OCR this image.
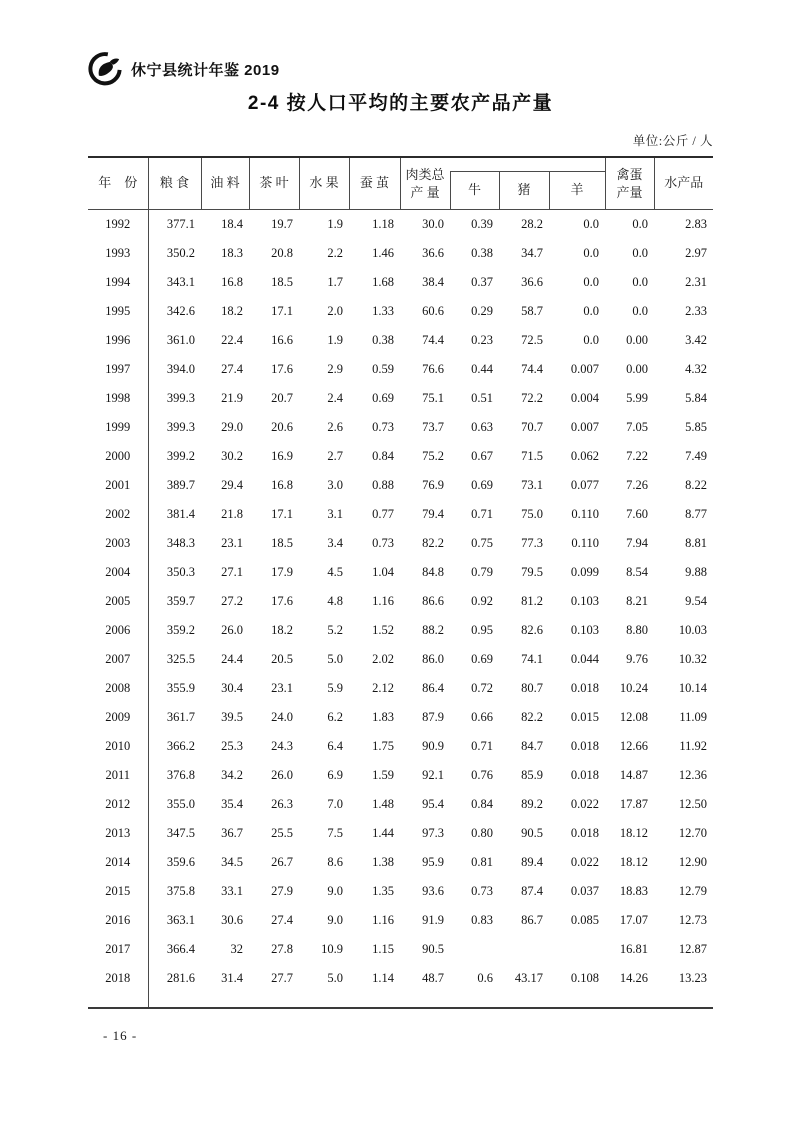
休宁县统计年鉴 2019
2-4 按人口平均的主要农产品产量
单位:公斤 / 人
年　份	粮 食	油 料	茶 叶	水 果	蚕 茧	肉类总
产 量				禽蛋
产量	水产品
							牛	猪	羊		
1992	377.1	18.4	19.7	1.9	1.18	30.0	0.39	28.2	0.0	0.0	2.83
1993	350.2	18.3	20.8	2.2	1.46	36.6	0.38	34.7	0.0	0.0	2.97
1994	343.1	16.8	18.5	1.7	1.68	38.4	0.37	36.6	0.0	0.0	2.31
1995	342.6	18.2	17.1	2.0	1.33	60.6	0.29	58.7	0.0	0.0	2.33
1996	361.0	22.4	16.6	1.9	0.38	74.4	0.23	72.5	0.0	0.00	3.42
1997	394.0	27.4	17.6	2.9	0.59	76.6	0.44	74.4	0.007	0.00	4.32
1998	399.3	21.9	20.7	2.4	0.69	75.1	0.51	72.2	0.004	5.99	5.84
1999	399.3	29.0	20.6	2.6	0.73	73.7	0.63	70.7	0.007	7.05	5.85
2000	399.2	30.2	16.9	2.7	0.84	75.2	0.67	71.5	0.062	7.22	7.49
2001	389.7	29.4	16.8	3.0	0.88	76.9	0.69	73.1	0.077	7.26	8.22
2002	381.4	21.8	17.1	3.1	0.77	79.4	0.71	75.0	0.110	7.60	8.77
2003	348.3	23.1	18.5	3.4	0.73	82.2	0.75	77.3	0.110	7.94	8.81
2004	350.3	27.1	17.9	4.5	1.04	84.8	0.79	79.5	0.099	8.54	9.88
2005	359.7	27.2	17.6	4.8	1.16	86.6	0.92	81.2	0.103	8.21	9.54
2006	359.2	26.0	18.2	5.2	1.52	88.2	0.95	82.6	0.103	8.80	10.03
2007	325.5	24.4	20.5	5.0	2.02	86.0	0.69	74.1	0.044	9.76	10.32
2008	355.9	30.4	23.1	5.9	2.12	86.4	0.72	80.7	0.018	10.24	10.14
2009	361.7	39.5	24.0	6.2	1.83	87.9	0.66	82.2	0.015	12.08	11.09
2010	366.2	25.3	24.3	6.4	1.75	90.9	0.71	84.7	0.018	12.66	11.92
2011	376.8	34.2	26.0	6.9	1.59	92.1	0.76	85.9	0.018	14.87	12.36
2012	355.0	35.4	26.3	7.0	1.48	95.4	0.84	89.2	0.022	17.87	12.50
2013	347.5	36.7	25.5	7.5	1.44	97.3	0.80	90.5	0.018	18.12	12.70
2014	359.6	34.5	26.7	8.6	1.38	95.9	0.81	89.4	0.022	18.12	12.90
2015	375.8	33.1	27.9	9.0	1.35	93.6	0.73	87.4	0.037	18.83	12.79
2016	363.1	30.6	27.4	9.0	1.16	91.9	0.83	86.7	0.085	17.07	12.73
2017	366.4	32	27.8	10.9	1.15	90.5				16.81	12.87
2018	281.6	31.4	27.7	5.0	1.14	48.7	0.6	43.17	0.108	14.26	13.23

- 16 -
